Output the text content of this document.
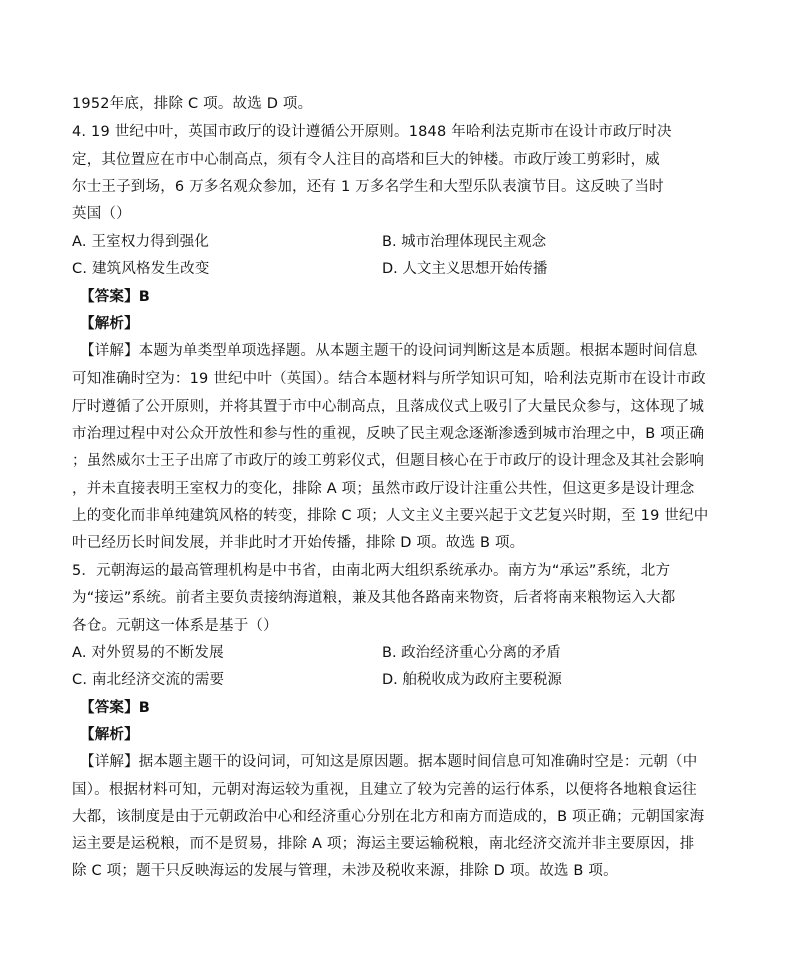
1952年底，排除 C 项。故选 D 项。
4. 19 世纪中叶，英国市政厅的设计遵循公开原则。1848 年哈利法克斯市在设计市政厅时决
定，其位置应在市中心制高点，须有令人注目的高塔和巨大的钟楼。市政厅竣工剪彩时，威
尔士王子到场，6 万多名观众参加，还有 1 万多名学生和大型乐队表演节目。这反映了当时
英国（）
A. 王室权力得到强化	B. 城市治理体现民主观念
C. 建筑风格发生改变	D. 人文主义思想开始传播
【答案】B
【解析】
【详解】本题为单类型单项选择题。从本题主题干的设问词判断这是本质题。根据本题时间信息
可知准确时空为：19 世纪中叶（英国）。结合本题材料与所学知识可知，哈利法克斯市在设计市政
厅时遵循了公开原则，并将其置于市中心制高点，且落成仪式上吸引了大量民众参与，这体现了城
市治理过程中对公众开放性和参与性的重视，反映了民主观念逐渐渗透到城市治理之中，B 项正确
；虽然威尔士王子出席了市政厅的竣工剪彩仪式，但题目核心在于市政厅的设计理念及其社会影响
，并未直接表明王室权力的变化，排除 A 项；虽然市政厅设计注重公共性，但这更多是设计理念
上的变化而非单纯建筑风格的转变，排除 C 项；人文主义主要兴起于文艺复兴时期，至 19 世纪中
叶已经历长时间发展，并非此时才开始传播，排除 D 项。故选 B 项。
5．元朝海运的最高管理机构是中书省，由南北两大组织系统承办。南方为“承运”系统，北方
为“接运”系统。前者主要负责接纳海道粮，兼及其他各路南来物资，后者将南来粮物运入大都
各仓。元朝这一体系是基于（）
A. 对外贸易的不断发展	B. 政治经济重心分离的矛盾
C. 南北经济交流的需要	D. 舶税收成为政府主要税源
【答案】B
【解析】
【详解】据本题主题干的设问词，可知这是原因题。据本题时间信息可知准确时空是：元朝（中
国）。根据材料可知，元朝对海运较为重视，且建立了较为完善的运行体系，以便将各地粮食运往
大都，该制度是由于元朝政治中心和经济重心分别在北方和南方而造成的，B 项正确；元朝国家海
运主要是运税粮，而不是贸易，排除 A 项；海运主要运输税粮，南北经济交流并非主要原因，排
除 C 项；题干只反映海运的发展与管理，未涉及税收来源，排除 D 项。故选 B 项。
